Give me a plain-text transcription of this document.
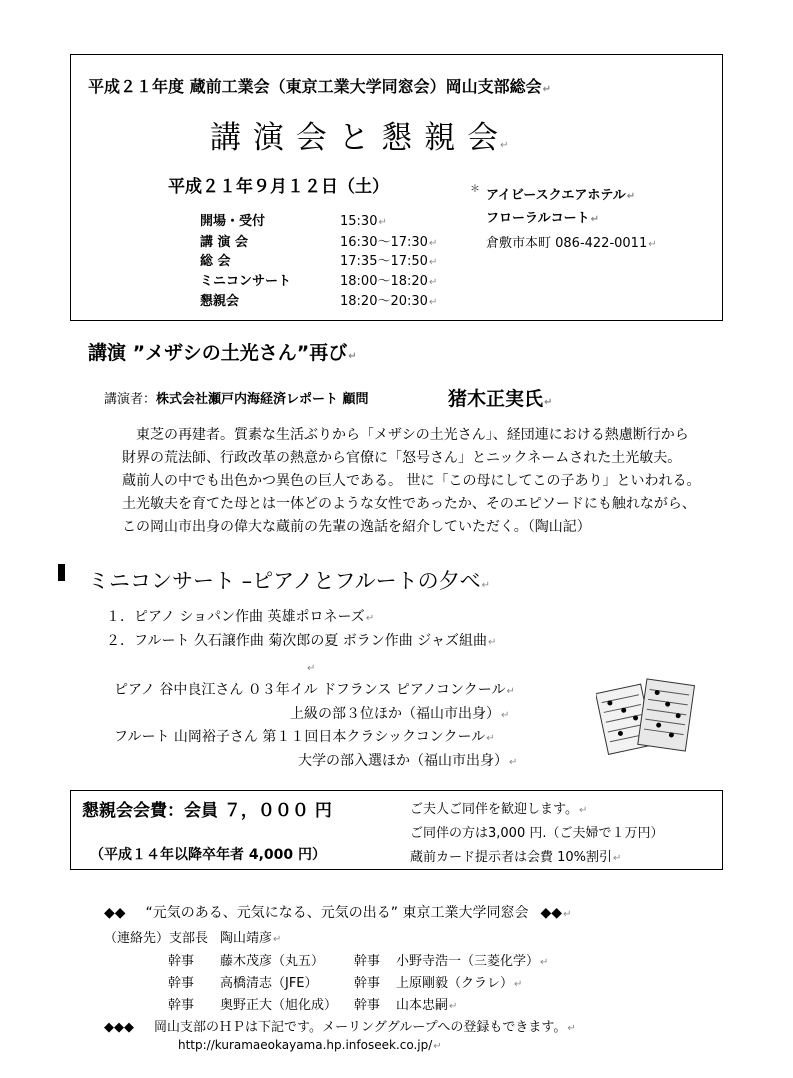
平成２１年度 蔵前工業会（東京工業大学同窓会）岡山支部総会↵
講 演 会 と 懇 親 会↵
平成２１年９月１２日（土）	＊ アイビースクエアホテル↵
フローラルコート↵
倉敷市本町 086-422-0011↵
開場・受付	15:30↵
講 演 会	16:30～17:30↵
総 会	17:35～17:50↵
ミニコンサート	18:00～18:20↵
懇親会	18:20～20:30↵
講演 ”メザシの土光さん”再び↵
講演者：株式会社瀬戸内海経済レポート 顧問	猪木正実氏↵

　東芝の再建者。質素な生活ぶりから「メザシの土光さん」、経団連における熱慮断行から

財界の荒法師、行政改革の熱意から官僚に「怒号さん」とニックネームされた土光敏夫。

蔵前人の中でも出色かつ異色の巨人である。 世に「この母にしてこの子あり」といわれる。

土光敏夫を育てた母とは一体どのような女性であったか、そのエピソードにも触れながら、

この岡山市出身の偉大な蔵前の先輩の逸話を紹介していただく。（陶山記）

ミニコンサート –ピアノとフルートの夕べ↵
１．ピアノ ショパン作曲 英雄ポロネーズ↵
２．フルート 久石譲作曲 菊次郎の夏 ボラン作曲 ジャズ組曲↵
↵
ピアノ 谷中良江さん ０３年イル ドフランス ピアノコンクール↵
上級の部３位ほか（福山市出身）↵
フルート 山岡裕子さん 第１１回日本クラシックコンクール↵
大学の部入選ほか（福山市出身）↵
懇親会会費：会員 ７，０００ 円
（平成１４年以降卒年者 4,000 円）
ご夫人ご同伴を歓迎します。↵
ご同伴の方は3,000 円.（ご夫婦で１万円）
蔵前カード提示者は会費 10%割引↵
◆◆ “元気のある、元気になる、元気の出る” 東京工業大学同窓会 ◆◆↵
（連絡先）支部長 陶山靖彦↵
幹事 藤木茂彦（丸五） 幹事 小野寺浩一（三菱化学）↵
幹事 高橋清志（JFE）	幹事 上原剛毅（クラレ）↵
幹事 奥野正大（旭化成） 幹事 山本忠嗣↵
◆◆◆ 岡山支部のＨＰは下記です。メーリンググループへの登録もできます。↵
http://kuramaeokayama.hp.infoseek.co.jp/↵
